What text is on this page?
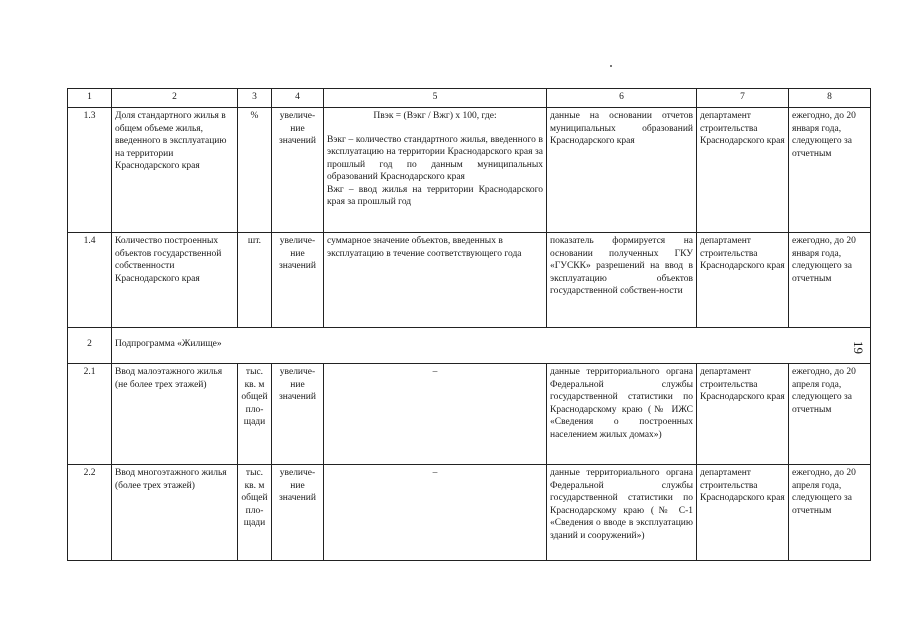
19
1	2	3	4	5	6	7	8
1.3	Доля стандартного жилья в общем объеме жилья, введенного в эксплуатацию на территории Краснодарского края	%	увеличе-ние значений	Пвэк = (Вэкг / Вжг) х 100, где:
Вэкг – количество стандартного жилья, введенного в эксплуатацию на территории Краснодарского края за прошлый год по данным муниципальных образований Краснодарского края
Вжг – ввод жилья на территории Краснодарского края за прошлый год	данные на основании отчетов муниципальных образований Краснодарского края	департамент строительства Краснодарского края	ежегодно, до 20 января года, следующего за отчетным
1.4	Количество построенных объектов государственной собственности Краснодарского края	шт.	увеличе-ние значений	суммарное значение объектов, введенных в эксплуатацию в течение соответствующего года	показатель формируется на основании полученных ГКУ «ГУСКК» разрешений на ввод в эксплуатацию объектов государственной собствен-ности	департамент строительства Краснодарского края	ежегодно, до 20 января года, следующего за отчетным
2	Подпрограмма «Жилище»						
2.1	Ввод малоэтажного жилья (не более трех этажей)	тыс. кв. м общей пло-щади	увеличе-ние значений	–	данные территориального органа Федеральной службы государственной статистики по Краснодарскому краю (№ ИЖС «Сведения о построенных населением жилых домах»)	департамент строительства Краснодарского края	ежегодно, до 20 апреля года, следующего за отчетным
2.2	Ввод многоэтажного жилья (более трех этажей)	тыс. кв. м общей пло-щади	увеличе-ние значений	–	данные территориального органа Федеральной службы государственной статистики по Краснодарскому краю (№ С-1 «Сведения о вводе в эксплуатацию зданий и сооружений»)	департамент строительства Краснодарского края	ежегодно, до 20 апреля года, следующего за отчетным
